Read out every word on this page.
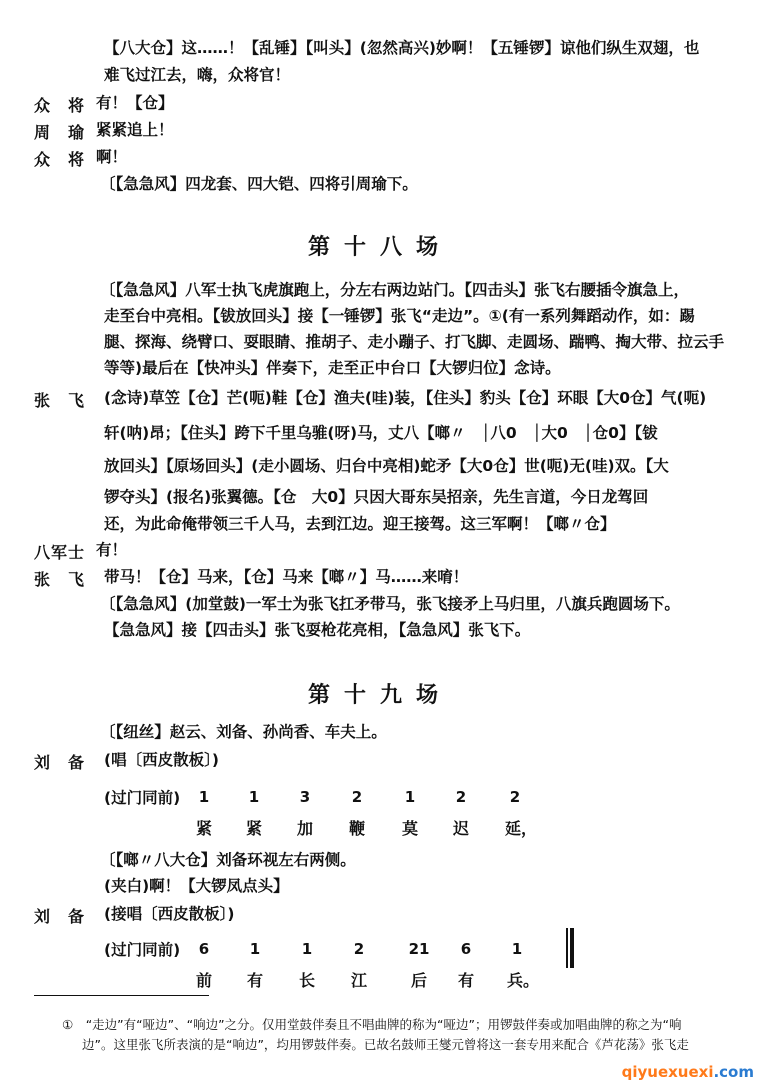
【八大仓】这……！【乱锤】【叫头】(忽然高兴)妙啊！【五锤锣】谅他们纵生双翅，也
难飞过江去，嗨，众将官！
众　将 有！【仓】
周　瑜 紧紧追上！
众　将 啊！
〔【急急风】四龙套、四大铠、四将引周瑜下。
第十八场
〔【急急风】八军士执飞虎旗跑上，分左右两边站门。【四击头】张飞右腰插令旗急上，
走至台中亮相。【钹放回头】接【一锤锣】张飞“走边”。①(有一系列舞蹈动作，如：踢
腿、探海、绕臂口、耍眼睛、推胡子、走小蹦子、打飞脚、走圆场、踹鸭、掏大带、拉云手
等等)最后在【快冲头】伴奏下，走至正中台口【大锣归位】念诗。
张　飞 (念诗)草笠【仓】芒(呃)鞋【仓】渔夫(哇)装，【住头】豹头【仓】环眼【大0仓】气(呃)
轩(呐)昂；【住头】跨下千里乌骓(呀)马，丈八【啷〃　│八0　│大0　│仓0】【钹
放回头】【原场回头】(走小圆场、归台中亮相)蛇矛【大0仓】世(呃)无(哇)双。【大
锣夺头】(报名)张翼德。【仓　大0】只因大哥东吴招亲，先生言道，今日龙驾回
还，为此命俺带领三千人马，去到江边。迎王接驾。这三军啊！【啷〃仓】
八军士 有！
张　飞 带马！【仓】马来，【仓】马来【啷〃】马……来唷！
〔【急急风】(加堂鼓)一军士为张飞扛矛带马，张飞接矛上马归里，八旗兵跑圆场下。
【急急风】接【四击头】张飞耍枪花亮相，【急急风】张飞下。
第十九场
〔【纽丝】赵云、刘备、孙尚香、车夫上。
刘　备 (唱〔西皮散板〕)
(过门同前)	1	1	3	2	1	2	2
紧 紧 加 鞭 莫 迟 延，
〔【啷〃八大仓】刘备环视左右两侧。
(夹白)啊！【大锣凤点头】
刘　备 (接唱〔西皮散板〕)
(过门同前)	6	1	1	2	21	6	1
前 有 长 江	后 有 兵。
①　“走边”有“哑边”、“响边”之分。仅用堂鼓伴奏且不唱曲牌的称为“哑边”；用锣鼓伴奏或加唱曲牌的称之为“响
边”。这里张飞所表演的是“响边”，均用锣鼓伴奏。已故名鼓师王燮元曾将这一套专用来配合《芦花荡》张飞走
qiyuexuexi.com
